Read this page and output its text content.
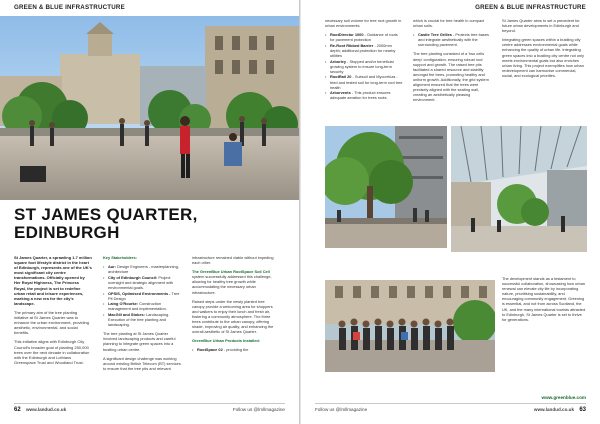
GREEN & BLUE INFRASTRUCTURE
ST JAMES QUARTER,
EDINBURGH

St James Quarter, a sprawling 1.7 million square foot lifestyle district in the heart of Edinburgh, represents one of the UK's most significant city centre transformations. Officially opened by Her Royal Highness, The Princess Royal, the project is set to redefine urban retail and leisure experiences, marking a new era for the city's landscape.

The primary aim of the tree planting initiative at St James Quarter was to enhance the urban environment, providing aesthetic, environmental, and social benefits.

This initiative aligns with Edinburgh City Council's broader goal of planting 250,000 trees over the next decade in collaboration with the Edinburgh and Lothians Greenspace Trust and Woodland Trust.

Key Stakeholders:

• Aur: Design Engineers - masterplanning, architecture
• City of Edinburgh Council: Project oversight and strategic alignment with environmental goals.
• OPSIS, Optimised Environments - Tree Pit Design
• Laing O'Rourke: Construction management and implementation.
• MacGill and Stokes: Landscaping. Execution of the tree planting and landscaping.

The tree planting at St James Quarter involved landscaping products and careful planning to integrate green spaces into a bustling urban centre.

A significant design challenge was working around existing British Telecom (BT) services to ensure that the tree pits and relevant

infrastructure remained viable without impeding each other.

The GreenBlue Urban RootSpace Soil Cell system successfully addressed this challenge, allowing for healthy tree growth while accommodating the necessary urban infrastructure.

Raised steps under the newly planted tree canopy provide a welcoming area for shoppers and walkers to enjoy their lunch and fresh air, fostering a community atmosphere. The three trees contribute to the urban canopy, offering shade, improving air quality, and enhancing the overall aesthetic of St James Quarter.

GreenBlue Urban Products Installed:

• RootSpace 02 - providing the
62 www.landud.co.uk	Follow us @lmllmagazine
GREEN & BLUE INFRASTRUCTURE

necessary soil volume for tree root growth in urban environments.

• RootDirector 1000 - Guidance of roots for pavement protection
• Re-Root Ribbed Barrier - 2000mm depth; additional protection for nearby utilities
• Arborley - Stopped and/or beneficial growing system to ensure long-term security
• RootRail 20 - Subsoil and Mycorrhiza - tried and tested soil for long-term root tree health
• Arborvents - This product ensures adequate aeration for trees roots.

which is crucial for tree health in compact urban soils.

• Castle Tree Grilles - Protects tree bases and integrate aesthetically with the surrounding pavement.

The tree planting consisted of a 'two cells deep' configuration, ensuring robust root support and growth. The raised tree pits facilitated a shared resource and stability amongst the trees, promoting healthy and uniform growth. Additionally, the grid system alignment ensured that the trees were precisely aligned with the seating wall, creating an aesthetically pleasing environment.

St James Quarter aims to set a precedent for future urban developments in Edinburgh and beyond.

Integrating green spaces within a bustling city centre addresses environmental goals while enhancing the quality of urban life. Integrating green spaces into a bustling city centre not only meets environmental goals but also enriches urban living. This project exemplifies how urban redevelopment can harmonise commercial, social, and ecological priorities.

The development stands as a testament to successful collaboration, showcasing how urban renewal can elevate city life by incorporating nature, prioritising sustainability, and encouraging community engagement. Greening is essential, and not from across Scotland, the UK, and the many international tourists attracted to Edinburgh, St James Quarter is set to thrive for generations.

www.greenblue.com
Follow us @lmllmagazine	www.landud.co.uk 63
